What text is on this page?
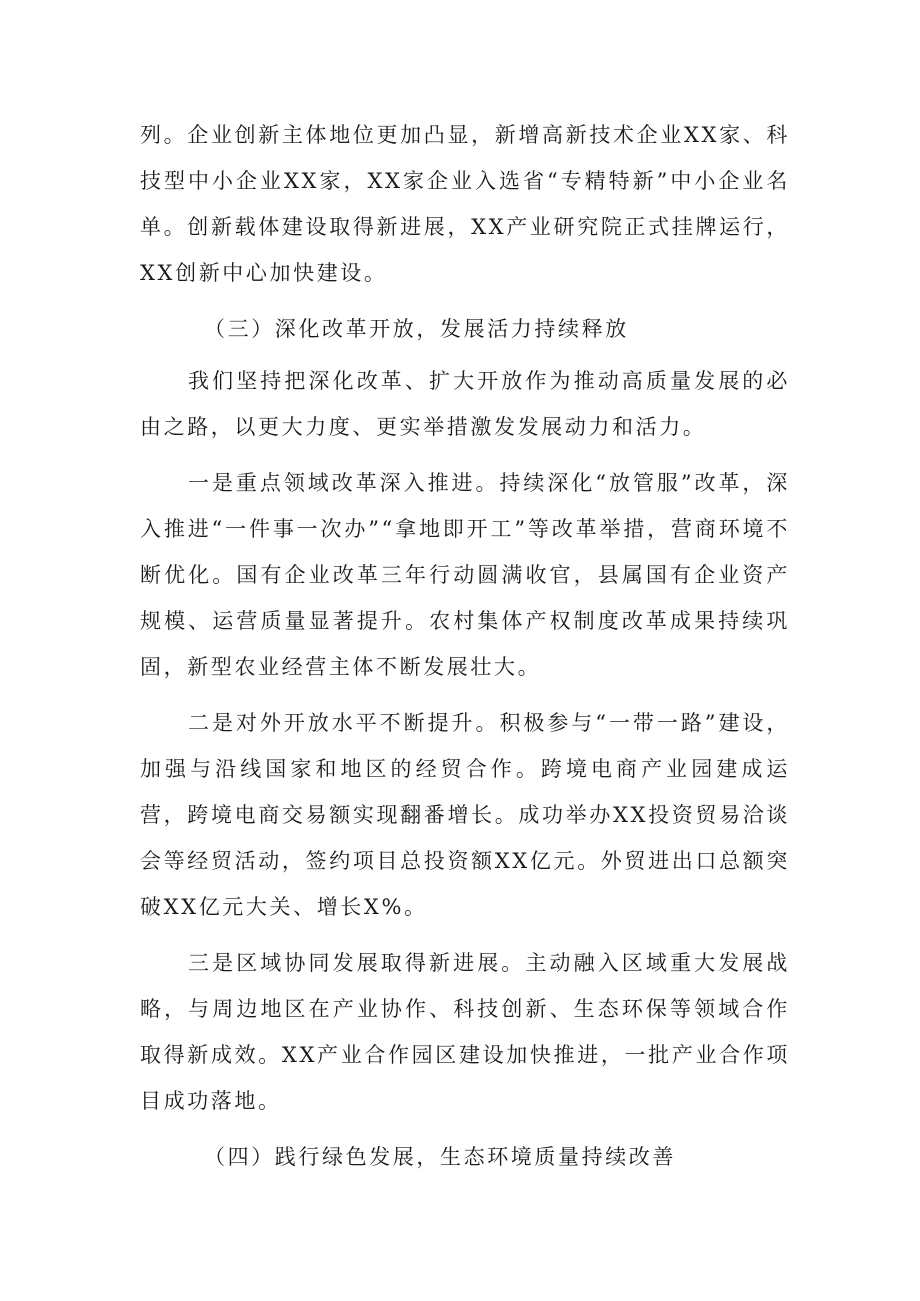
列。企业创新主体地位更加凸显，新增高新技术企业XX家、科技型中小企业XX家，XX家企业入选省“专精特新”中小企业名单。创新载体建设取得新进展，XX产业研究院正式挂牌运行，XX创新中心加快建设。

（三）深化改革开放，发展活力持续释放

我们坚持把深化改革、扩大开放作为推动高质量发展的必由之路，以更大力度、更实举措激发发展动力和活力。

一是重点领域改革深入推进。持续深化“放管服”改革，深入推进“一件事一次办”“拿地即开工”等改革举措，营商环境不断优化。国有企业改革三年行动圆满收官，县属国有企业资产规模、运营质量显著提升。农村集体产权制度改革成果持续巩固，新型农业经营主体不断发展壮大。

二是对外开放水平不断提升。积极参与“一带一路”建设，加强与沿线国家和地区的经贸合作。跨境电商产业园建成运营，跨境电商交易额实现翻番增长。成功举办XX投资贸易洽谈会等经贸活动，签约项目总投资额XX亿元。外贸进出口总额突破XX亿元大关、增长X%。

三是区域协同发展取得新进展。主动融入区域重大发展战略，与周边地区在产业协作、科技创新、生态环保等领域合作取得新成效。XX产业合作园区建设加快推进，一批产业合作项目成功落地。

（四）践行绿色发展，生态环境质量持续改善
